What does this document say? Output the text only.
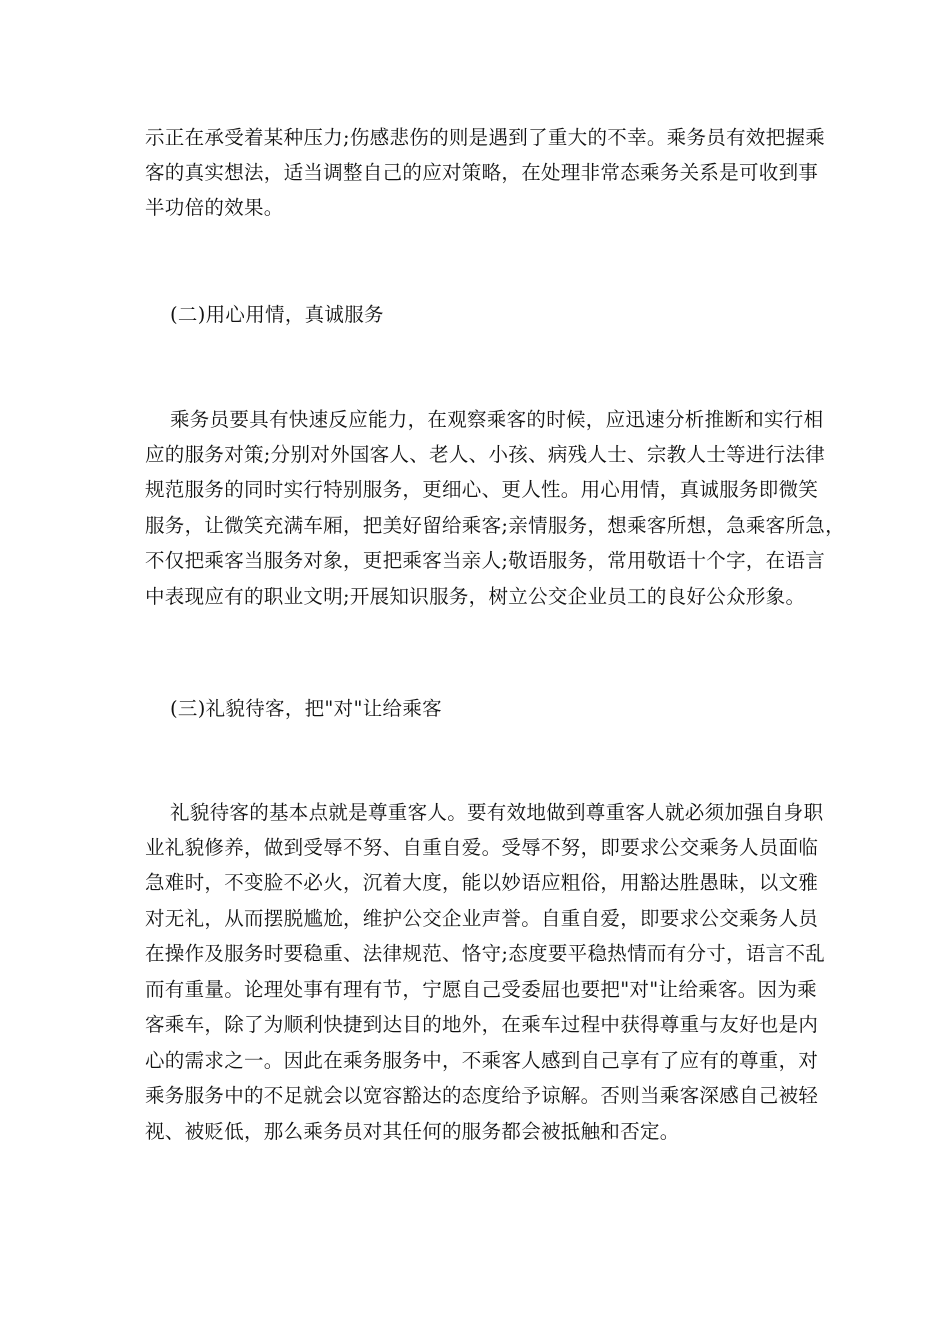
示正在承受着某种压力;伤感悲伤的则是遇到了重大的不幸。乘务员有效把握乘
客的真实想法，适当调整自己的应对策略，在处理非常态乘务关系是可收到事
半功倍的效果。
(二)用心用情，真诚服务
乘务员要具有快速反应能力，在观察乘客的时候，应迅速分析推断和实行相
应的服务对策;分别对外国客人、老人、小孩、病残人士、宗教人士等进行法律
规范服务的同时实行特别服务，更细心、更人性。用心用情，真诚服务即微笑
服务，让微笑充满车厢，把美好留给乘客;亲情服务，想乘客所想，急乘客所急，
不仅把乘客当服务对象，更把乘客当亲人;敬语服务，常用敬语十个字，在语言
中表现应有的职业文明;开展知识服务，树立公交企业员工的良好公众形象。
(三)礼貌待客，把"对"让给乘客
礼貌待客的基本点就是尊重客人。要有效地做到尊重客人就必须加强自身职
业礼貌修养，做到受辱不努、自重自爱。受辱不努，即要求公交乘务人员面临
急难时，不变脸不必火，沉着大度，能以妙语应粗俗，用豁达胜愚昧，以文雅
对无礼，从而摆脱尴尬，维护公交企业声誉。自重自爱，即要求公交乘务人员
在操作及服务时要稳重、法律规范、恪守;态度要平稳热情而有分寸，语言不乱
而有重量。论理处事有理有节，宁愿自己受委屈也要把"对"让给乘客。因为乘
客乘车，除了为顺利快捷到达目的地外，在乘车过程中获得尊重与友好也是内
心的需求之一。因此在乘务服务中，不乘客人感到自己享有了应有的尊重，对
乘务服务中的不足就会以宽容豁达的态度给予谅解。否则当乘客深感自己被轻
视、被贬低，那么乘务员对其任何的服务都会被抵触和否定。
